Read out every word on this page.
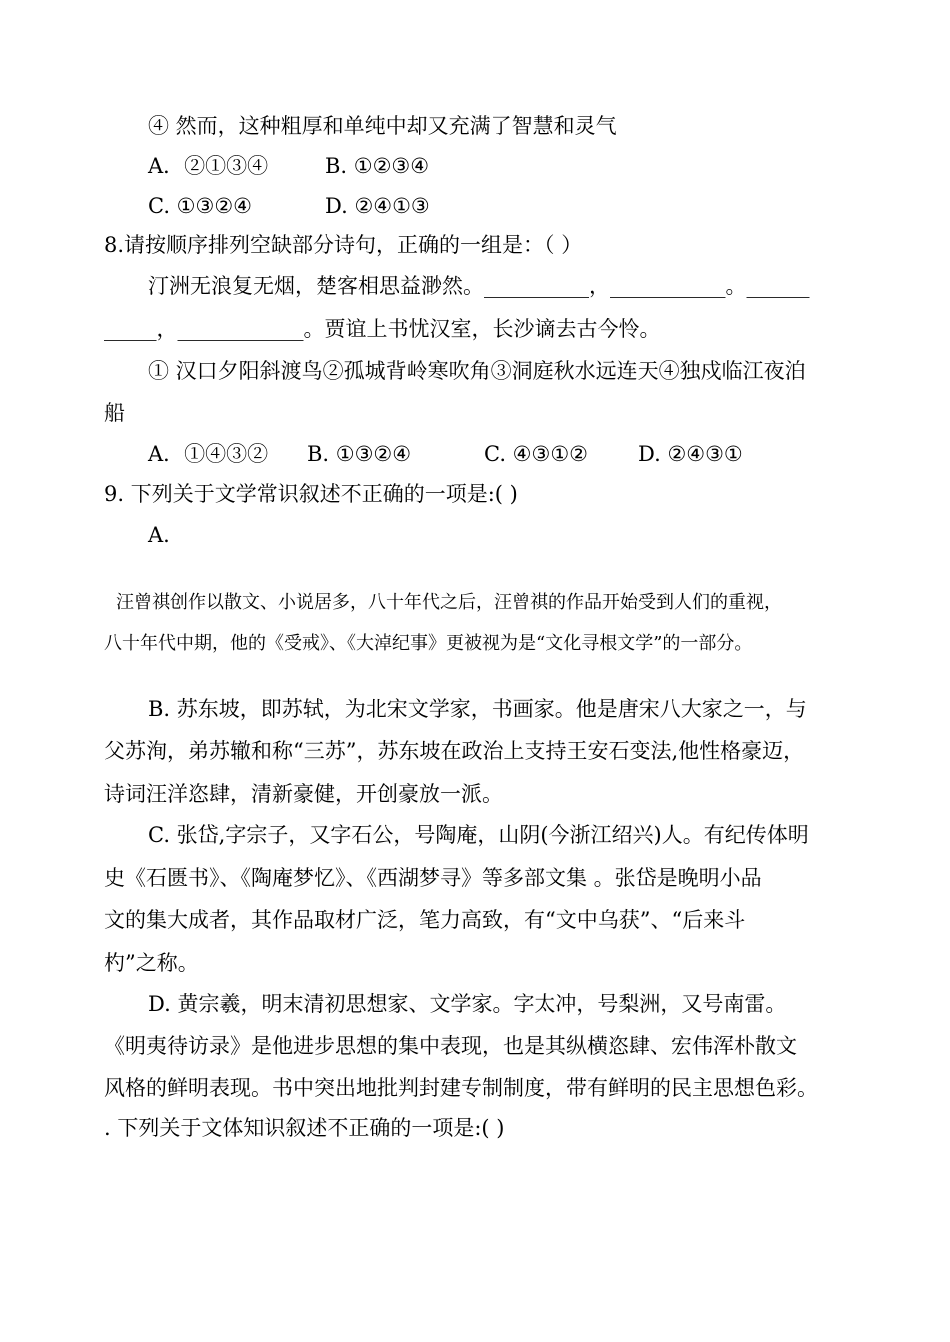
④ 然而，这种粗厚和单纯中却又充满了智慧和灵气
A．②①③④	B. ①②③④
C. ①③②④	D. ②④①③
8.请按顺序排列空缺部分诗句，正确的一组是：（ ）
汀洲无浪复无烟，楚客相思益渺然。__________，___________。______
_____，____________。贾谊上书忧汉室，长沙谪去古今怜。
① 汉口夕阳斜渡鸟②孤城背岭寒吹角③洞庭秋水远连天④独戍临江夜泊
船
A．①④③② B. ①③②④	C. ④③①② D. ②④③①
9. 下列关于文学常识叙述不正确的一项是:( )
A.
汪曾祺创作以散文、小说居多，八十年代之后，汪曾祺的作品开始受到人们的重视，
八十年代中期，他的《受戒》、《大淖纪事》更被视为是“文化寻根文学”的一部分。
B. 苏东坡，即苏轼，为北宋文学家，书画家。他是唐宋八大家之一，与
父苏洵，弟苏辙和称“三苏”，苏东坡在政治上支持王安石变法,他性格豪迈，
诗词汪洋恣肆，清新豪健，开创豪放一派。
C. 张岱,字宗子，又字石公，号陶庵，山阴(今浙江绍兴)人。有纪传体明
史《石匮书》、《陶庵梦忆》、《西湖梦寻》等多部文集 。张岱是晚明小品
文的集大成者，其作品取材广泛，笔力高致，有“文中乌获”、“后来斗
杓”之称。
D. 黄宗羲，明末清初思想家、文学家。字太冲，号梨洲，又号南雷。
《明夷待访录》是他进步思想的集中表现，也是其纵横恣肆、宏伟浑朴散文
风格的鲜明表现。书中突出地批判封建专制制度，带有鲜明的民主思想色彩。
. 下列关于文体知识叙述不正确的一项是:( )
